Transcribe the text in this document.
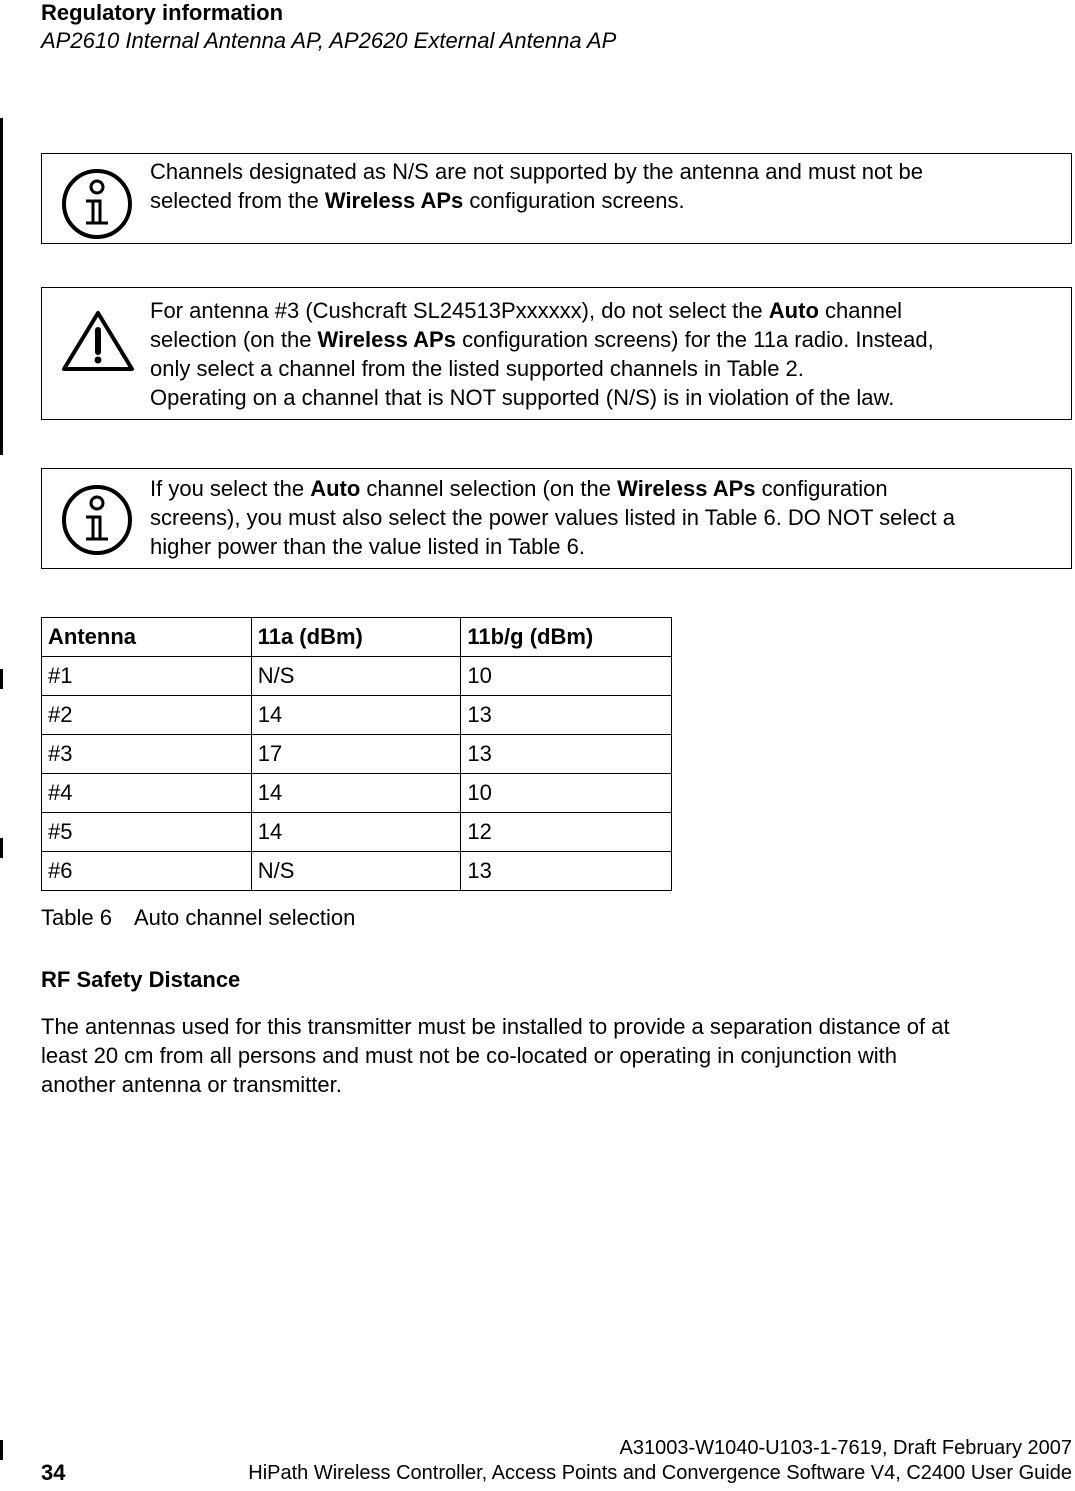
Regulatory information
AP2610 Internal Antenna AP, AP2620 External Antenna AP
Channels designated as N/S are not supported by the antenna and must not be
selected from the Wireless APs configuration screens.
For antenna #3 (Cushcraft SL24513Pxxxxxx), do not select the Auto channel
selection (on the Wireless APs configuration screens) for the 11a radio. Instead,
only select a channel from the listed supported channels in Table 2.
Operating on a channel that is NOT supported (N/S) is in violation of the law.
If you select the Auto channel selection (on the Wireless APs configuration
screens), you must also select the power values listed in Table 6. DO NOT select a
higher power than the value listed in Table 6.
Antenna	11a (dBm)	11b/g (dBm)
#1	N/S	10
#2	14	13
#3	17	13
#4	14	10
#5	14	12
#6	N/S	13
Table 6 Auto channel selection
RF Safety Distance
The antennas used for this transmitter must be installed to provide a separation distance of at
least 20 cm from all persons and must not be co-located or operating in conjunction with
another antenna or transmitter.
A31003-W1040-U103-1-7619, Draft February 2007
34	HiPath Wireless Controller, Access Points and Convergence Software V4, C2400 User Guide
